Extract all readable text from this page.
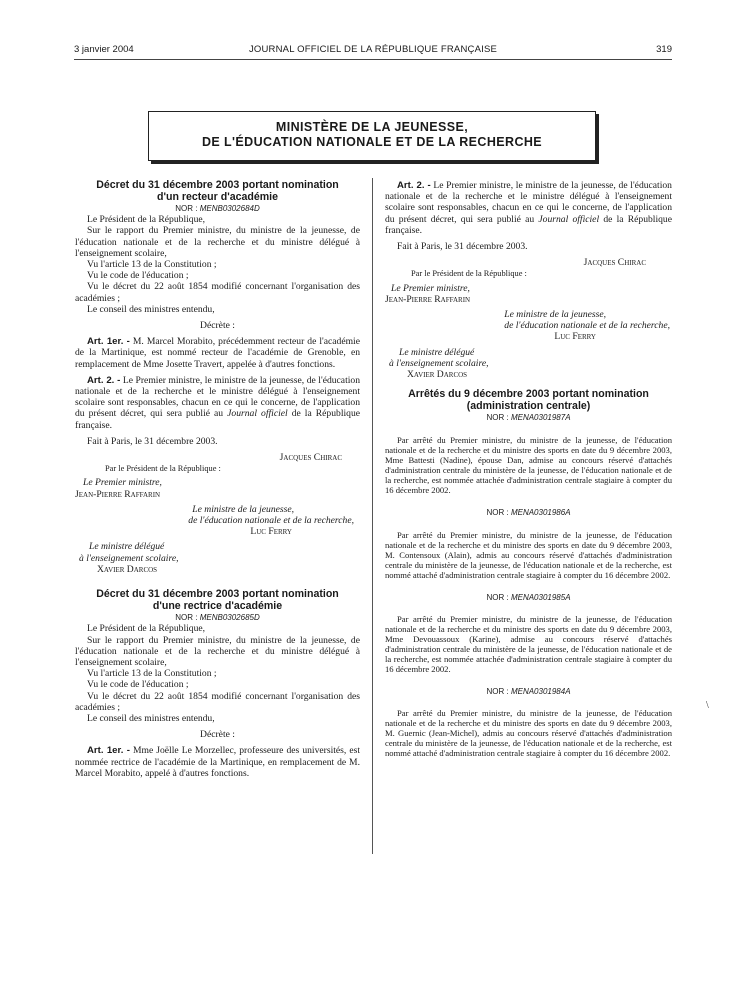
3 janvier 2004	JOURNAL OFFICIEL DE LA RÉPUBLIQUE FRANÇAISE	319
MINISTÈRE DE LA JEUNESSE,
DE L'ÉDUCATION NATIONALE ET DE LA RECHERCHE

Décret du 31 décembre 2003 portant nomination

d'un recteur d'académie

NOR : MENB0302684D

Le Président de la République,

Sur le rapport du Premier ministre, du ministre de la jeunesse, de l'éducation nationale et de la recherche et du ministre délégué à l'enseignement scolaire,

Vu l'article 13 de la Constitution ;

Vu le code de l'éducation ;

Vu le décret du 22 août 1854 modifié concernant l'organisation des académies ;

Le conseil des ministres entendu,

Décrète :

Art. 1er. - M. Marcel Morabito, précédemment recteur de l'académie de la Martinique, est nommé recteur de l'académie de Grenoble, en remplacement de Mme Josette Travert, appelée à d'autres fonctions.

Art. 2. - Le Premier ministre, le ministre de la jeunesse, de l'éducation nationale et de la recherche et le ministre délégué à l'enseignement scolaire sont responsables, chacun en ce qui le concerne, de l'application du présent décret, qui sera publié au Journal officiel de la République française.

Fait à Paris, le 31 décembre 2003.

Jacques Chirac

Par le Président de la République :

Le Premier ministre,

Jean-Pierre Raffarin

Le ministre de la jeunesse,

de l'éducation nationale et de la recherche,

Luc Ferry

Le ministre délégué

à l'enseignement scolaire,

Xavier Darcos

Décret du 31 décembre 2003 portant nomination

d'une rectrice d'académie

NOR : MENB0302685D

Le Président de la République,

Sur le rapport du Premier ministre, du ministre de la jeunesse, de l'éducation nationale et de la recherche et du ministre délégué à l'enseignement scolaire,

Vu l'article 13 de la Constitution ;

Vu le code de l'éducation ;

Vu le décret du 22 août 1854 modifié concernant l'organisation des académies ;

Le conseil des ministres entendu,

Décrète :

Art. 1er. - Mme Joëlle Le Morzellec, professeure des universités, est nommée rectrice de l'académie de la Martinique, en remplacement de M. Marcel Morabito, appelé à d'autres fonctions.

Art. 2. - Le Premier ministre, le ministre de la jeunesse, de l'éducation nationale et de la recherche et le ministre délégué à l'enseignement scolaire sont responsables, chacun en ce qui le concerne, de l'application du présent décret, qui sera publié au Journal officiel de la République française.

Fait à Paris, le 31 décembre 2003.

Jacques Chirac

Par le Président de la République :

Le Premier ministre,

Jean-Pierre Raffarin

Le ministre de la jeunesse,

de l'éducation nationale et de la recherche,

Luc Ferry

Le ministre délégué

à l'enseignement scolaire,

Xavier Darcos

Arrêtés du 9 décembre 2003 portant nomination

(administration centrale)

NOR : MENA0301987A

Par arrêté du Premier ministre, du ministre de la jeunesse, de l'éducation nationale et de la recherche et du ministre des sports en date du 9 décembre 2003, Mme Battesti (Nadine), épouse Dan, admise au concours réservé d'attachés d'administration centrale du ministère de la jeunesse, de l'éducation nationale et de la recherche, est nommée attachée d'administration centrale stagiaire à compter du 16 décembre 2002.

NOR : MENA0301986A

Par arrêté du Premier ministre, du ministre de la jeunesse, de l'éducation nationale et de la recherche et du ministre des sports en date du 9 décembre 2003, M. Contensoux (Alain), admis au concours réservé d'attachés d'administration centrale du ministère de la jeunesse, de l'éducation nationale et de la recherche, est nommé attaché d'administration centrale stagiaire à compter du 16 décembre 2002.

NOR : MENA0301985A

Par arrêté du Premier ministre, du ministre de la jeunesse, de l'éducation nationale et de la recherche et du ministre des sports en date du 9 décembre 2003, Mme Devouassoux (Karine), admise au concours réservé d'attachés d'administration centrale du ministère de la jeunesse, de l'éducation nationale et de la recherche, est nommée attachée d'administration centrale stagiaire à compter du 16 décembre 2002.

NOR : MENA0301984A

Par arrêté du Premier ministre, du ministre de la jeunesse, de l'éducation nationale et de la recherche et du ministre des sports en date du 9 décembre 2003, M. Guernic (Jean-Michel), admis au concours réservé d'attachés d'administration centrale du ministère de la jeunesse, de l'éducation nationale et de la recherche, est nommé attaché d'administration centrale stagiaire à compter du 16 décembre 2002.

\
